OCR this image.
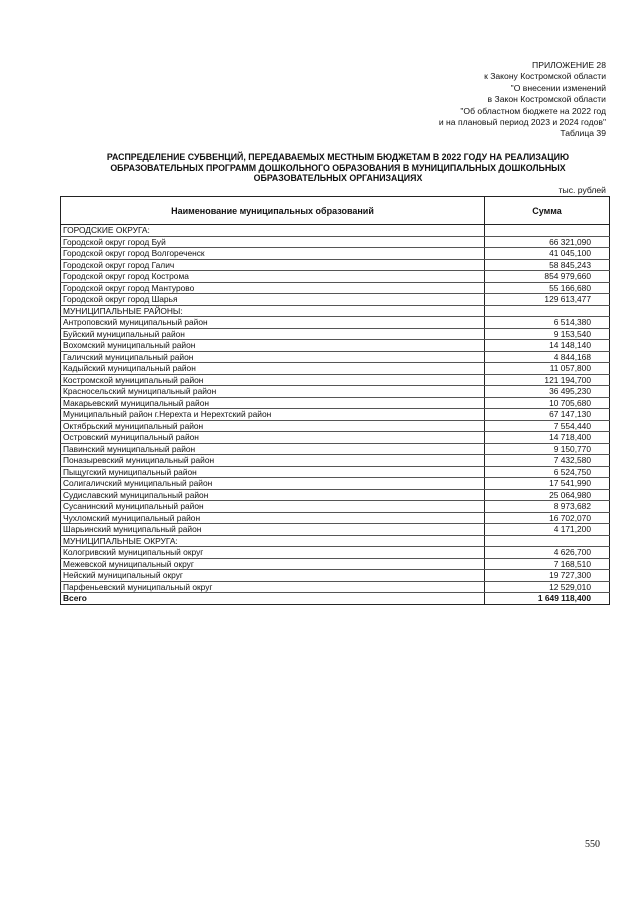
ПРИЛОЖЕНИЕ 28
к Закону Костромской области
"О внесении изменений
в Закон Костромской области
"Об областном бюджете на 2022 год
и на плановый период 2023 и 2024 годов"
Таблица 39
РАСПРЕДЕЛЕНИЕ СУБВЕНЦИЙ, ПЕРЕДАВАЕМЫХ МЕСТНЫМ БЮДЖЕТАМ В 2022 ГОДУ НА РЕАЛИЗАЦИЮ
ОБРАЗОВАТЕЛЬНЫХ ПРОГРАММ ДОШКОЛЬНОГО ОБРАЗОВАНИЯ В МУНИЦИПАЛЬНЫХ ДОШКОЛЬНЫХ
ОБРАЗОВАТЕЛЬНЫХ ОРГАНИЗАЦИЯХ
тыс. рублей
Наименование муниципальных образований	Сумма
ГОРОДСКИЕ ОКРУГА:	
Городской округ город Буй	66 321,090
Городской округ город Волгореченск	41 045,100
Городской округ город Галич	58 845,243
Городской округ город Кострома	854 979,660
Городской округ город Мантурово	55 166,680
Городской округ город Шарья	129 613,477
МУНИЦИПАЛЬНЫЕ РАЙОНЫ:	
Антроповский муниципальный район	6 514,380
Буйский муниципальный район	9 153,540
Вохомский муниципальный район	14 148,140
Галичский муниципальный район	4 844,168
Кадыйский муниципальный район	11 057,800
Костромской муниципальный район	121 194,700
Красносельский муниципальный район	36 495,230
Макарьевский муниципальный район	10 705,680
Муниципальный район г.Нерехта и Нерехтский район	67 147,130
Октябрьский муниципальный район	7 554,440
Островский муниципальный район	14 718,400
Павинский муниципальный район	9 150,770
Поназыревский муниципальный район	7 432,580
Пыщугский муниципальный район	6 524,750
Солигаличский муниципальный район	17 541,990
Судиславский муниципальный район	25 064,980
Сусанинский муниципальный район	8 973,682
Чухломский муниципальный район	16 702,070
Шарьинский муниципальный район	4 171,200
МУНИЦИПАЛЬНЫЕ ОКРУГА:	
Кологривский муниципальный округ	4 626,700
Межевской муниципальный округ	7 168,510
Нейский муниципальный округ	19 727,300
Парфеньевский муниципальный округ	12 529,010
Всего	1 649 118,400
550
